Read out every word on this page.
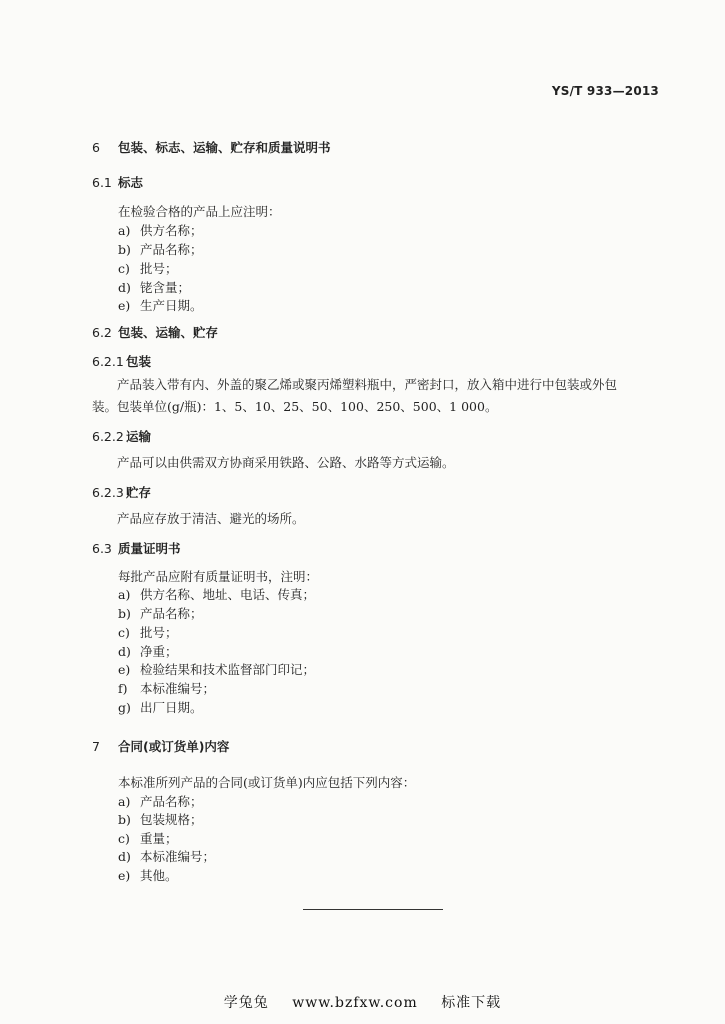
YS/T 933—2013
6 包装、标志、运输、贮存和质量说明书
6.1 标志
在检验合格的产品上应注明：
a) 供方名称；
b) 产品名称；
c) 批号；
d) 铑含量；
e) 生产日期。
6.2 包装、运输、贮存
6.2.1 包装
产品装入带有内、外盖的聚乙烯或聚丙烯塑料瓶中，严密封口，放入箱中进行中包装或外包装。包装单位(g/瓶)：1、5、10、25、50、100、250、500、1 000。
6.2.2 运输
产品可以由供需双方协商采用铁路、公路、水路等方式运输。
6.2.3 贮存
产品应存放于清洁、避光的场所。
6.3 质量证明书
每批产品应附有质量证明书，注明：
a) 供方名称、地址、电话、传真；
b) 产品名称；
c) 批号；
d) 净重；
e) 检验结果和技术监督部门印记；
f) 本标准编号；
g) 出厂日期。
7 合同(或订货单)内容
本标准所列产品的合同(或订货单)内应包括下列内容：
a) 产品名称；
b) 包装规格；
c) 重量；
d) 本标准编号；
e) 其他。
学兔兔 www.bzfxw.com 标准下载
